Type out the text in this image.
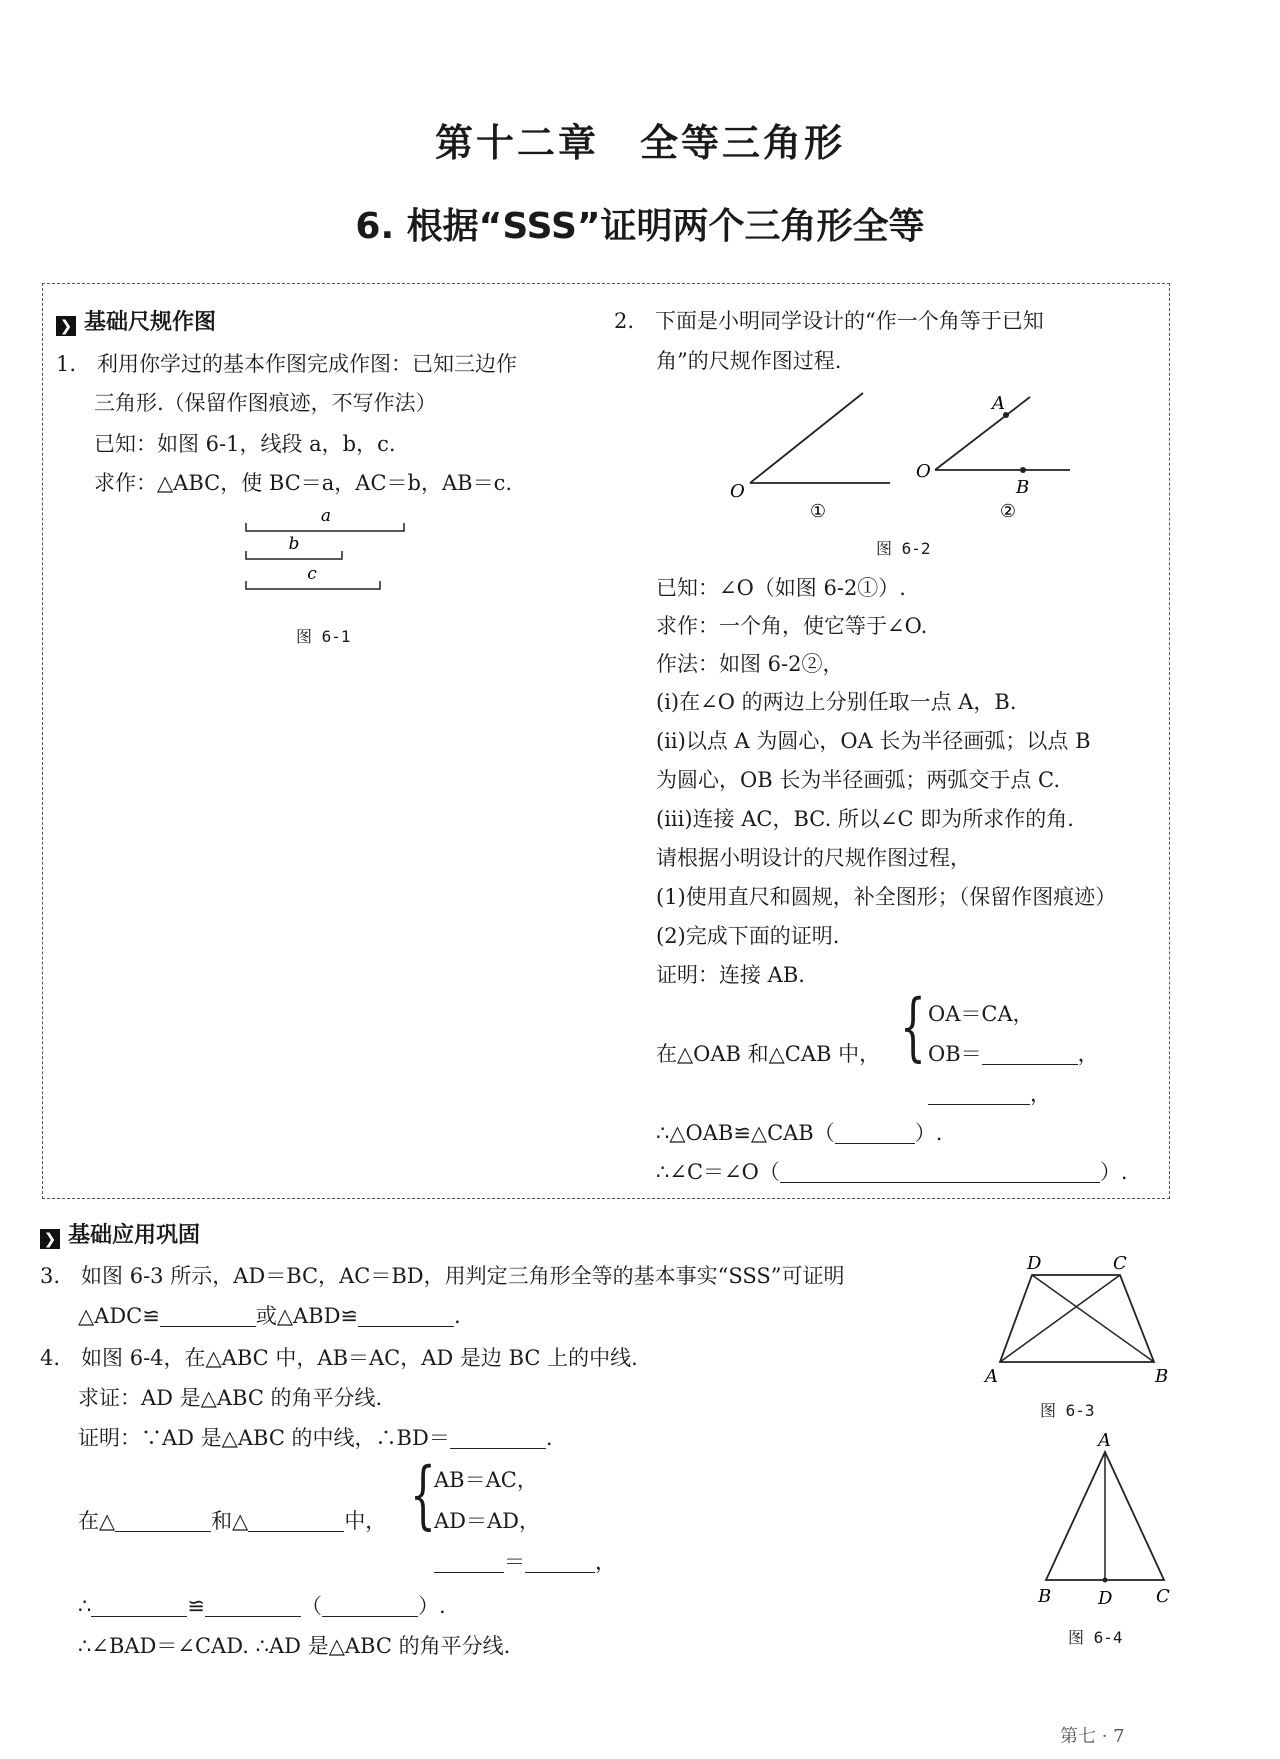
第十二章　全等三角形
6. 根据“SSS”证明两个三角形全等
❯ 基础尺规作图
1.　利用你学过的基本作图完成作图：已知三边作
三角形.（保留作图痕迹，不写作法）
已知：如图 6-1，线段 a，b，c.
求作：△ABC，使 BC＝a，AC＝b，AB＝c.
a
b
c
图 6-1
2.　下面是小明同学设计的“作一个角等于已知
角”的尺规作图过程.
O
①
O
A
B
②
图 6-2
已知：∠O（如图 6-2①）.
求作：一个角，使它等于∠O.
作法：如图 6-2②，
(i)在∠O 的两边上分别任取一点 A，B.
(ii)以点 A 为圆心，OA 长为半径画弧；以点 B
为圆心，OB 长为半径画弧；两弧交于点 C.
(iii)连接 AC，BC. 所以∠C 即为所求作的角.
请根据小明设计的尺规作图过程，
(1)使用直尺和圆规，补全图形；（保留作图痕迹）
(2)完成下面的证明.
证明：连接 AB.
在△OAB 和△CAB 中， { OA＝CA，
OB＝	，
，
∴△OAB≌△CAB（	）.
∴∠C＝∠O（	）.
❯ 基础应用巩固
3.　如图 6-3 所示，AD＝BC，AC＝BD，用判定三角形全等的基本事实“SSS”可证明
△ADC≌	或△ABD≌	.
D	C
A	B
图 6-3
4.　如图 6-4，在△ABC 中，AB＝AC，AD 是边 BC 上的中线.
求证：AD 是△ABC 的角平分线.
证明：∵AD 是△ABC 的中线，∴BD＝	.
在△	和△	中， {
AB＝AC，
AD＝AD，
＝	，
∴	≌	（	）.
∴∠BAD＝∠CAD. ∴AD 是△ABC 的角平分线.
A
B	D C
图 6-4
第七 · 7
